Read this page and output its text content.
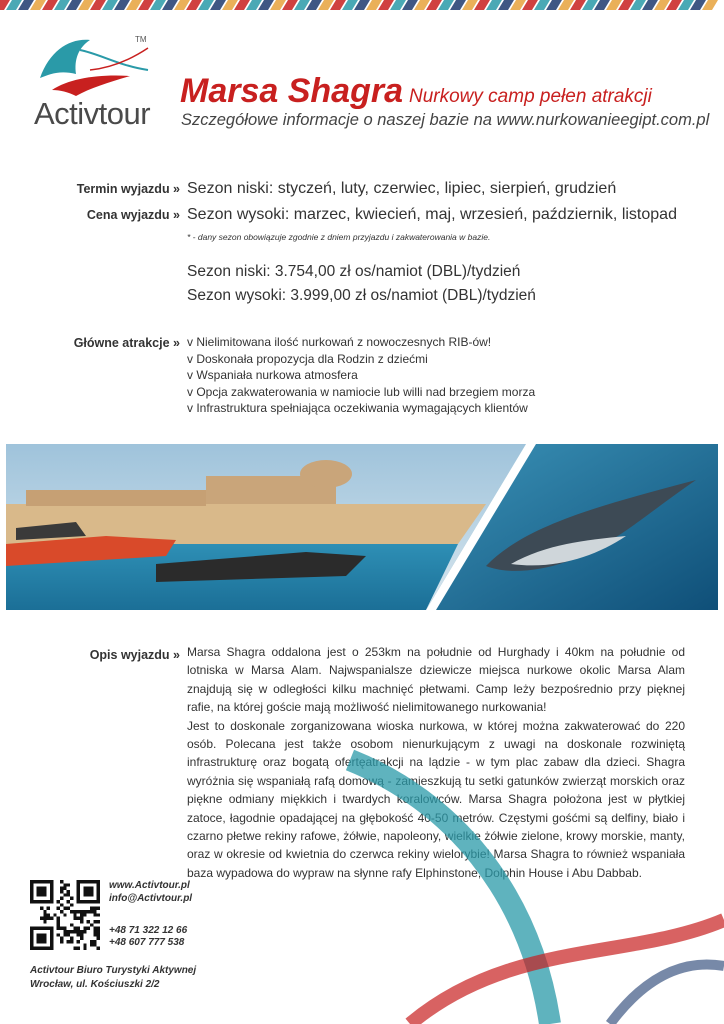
TM
Activtour
Marsa Shagra Nurkowy camp pełen atrakcji
Szczegółowe informacje o naszej bazie na www.nurkowanieegipt.com.pl
Termin wyjazdu »
Cena wyjazdu »
Główne atrakcje »
Opis wyjazdu »
Sezon niski: styczeń, luty, czerwiec, lipiec, sierpień, grudzień
Sezon wysoki: marzec, kwiecień, maj, wrzesień, październik, listopad
* - dany sezon obowiązuje zgodnie z dniem przyjazdu i zakwaterowania w bazie.
Sezon niski: 3.754,00 zł os/namiot (DBL)/tydzień
Sezon wysoki: 3.999,00 zł os/namiot (DBL)/tydzień
v Nielimitowana ilość nurkowań z nowoczesnych RIB-ów!
v Doskonała propozycja dla Rodzin z dziećmi
v Wspaniała nurkowa atmosfera
v Opcja zakwaterowania w namiocie lub willi nad brzegiem morza
v Infrastruktura spełniająca oczekiwania wymagających klientów

Marsa Shagra oddalona jest o 253km na południe od Hurghady i 40km na południe od lotniska w Marsa Alam. Najwspanialsze dziewicze miejsca nurkowe okolic Marsa Alam znajdują się w odległości kilku machnięć płetwami. Camp leży bezpośrednio przy pięknej rafie, na której goście mają możliwość nielimitowanego nurkowania!

Jest to doskonale zorganizowana wioska nurkowa, w której można zakwaterować do 220 osób. Polecana jest także osobom nienurkującym z uwagi na doskonale rozwiniętą infrastrukturę oraz bogatą ofertęatrakcji na lądzie - w tym plac zabaw dla dzieci. Shagra wyróżnia się wspaniałą rafą domową - zamieszkują tu setki gatunków zwierząt morskich oraz piękne odmiany miękkich i twardych koralowców. Marsa Shagra położona jest w płytkiej zatoce, łagodnie opadającej na głębokość 40-50 metrów. Częstymi gośćmi są delfiny, biało i czarno płetwe rekiny rafowe, żółwie, napoleony, wielkie żółwie zielone, krowy morskie, manty, oraz w okresie od kwietnia do czerwca rekiny wielorybie! Marsa Shagra to również wspaniała baza wypadowa do wypraw na słynne rafy Elphinstone, Dolphin House i Abu Dabbab.

www.Activtour.pl
info@Activtour.pl
+48 71 322 12 66
+48 607 777 538
Activtour Biuro Turystyki Aktywnej
Wrocław, ul. Kościuszki 2/2
